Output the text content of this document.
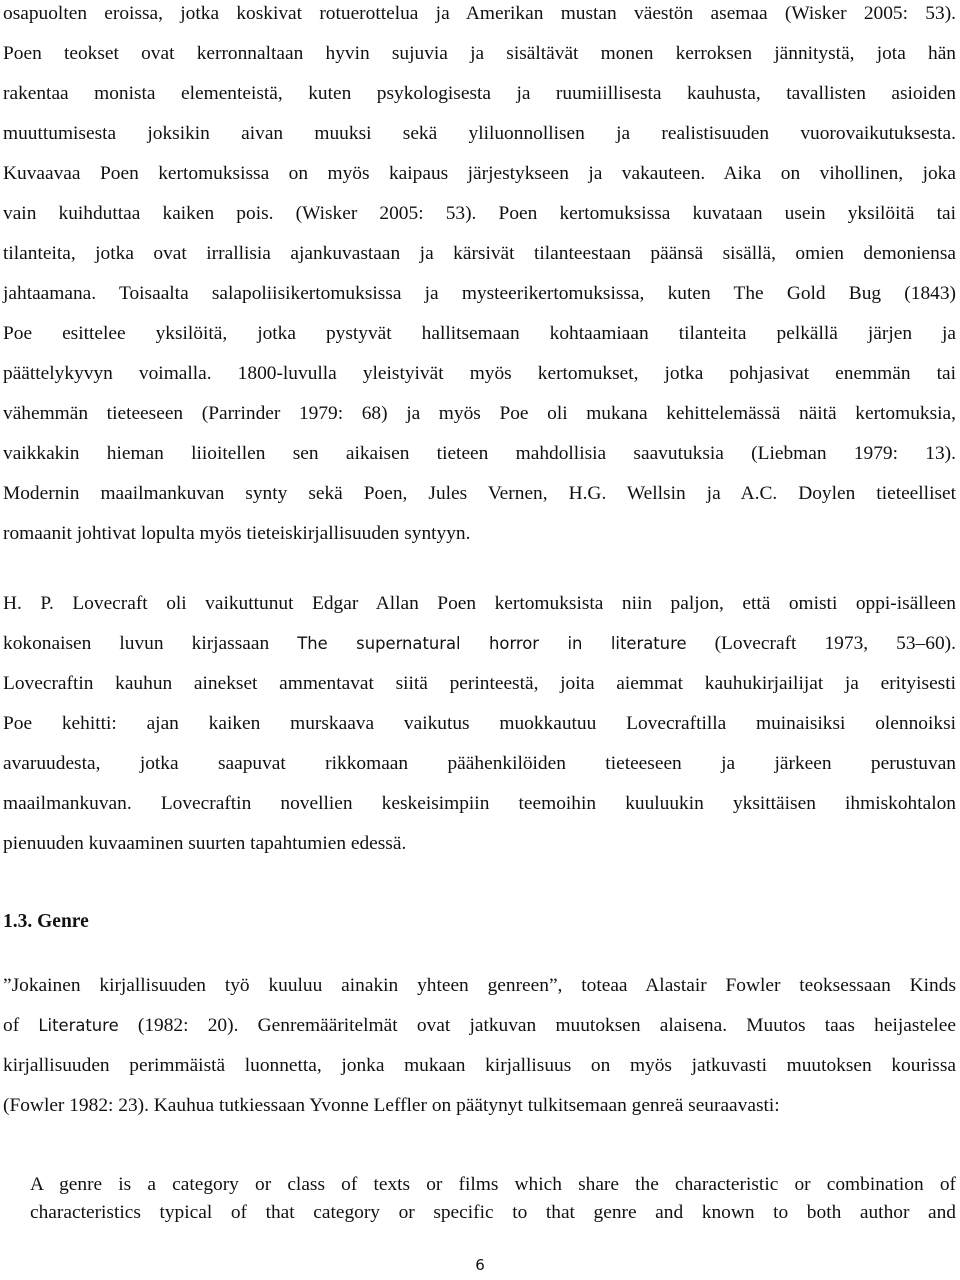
osapuolten eroissa, jotka koskivat rotuerottelua ja Amerikan mustan väestön asemaa (Wisker 2005: 53).
Poen teokset ovat kerronnaltaan hyvin sujuvia ja sisältävät monen kerroksen jännitystä, jota hän
rakentaa monista elementeistä, kuten psykologisesta ja ruumiillisesta kauhusta, tavallisten asioiden
muuttumisesta joksikin aivan muuksi sekä yliluonnollisen ja realistisuuden vuorovaikutuksesta.
Kuvaavaa Poen kertomuksissa on myös kaipaus järjestykseen ja vakauteen. Aika on vihollinen, joka
vain kuihduttaa kaiken pois. (Wisker 2005: 53). Poen kertomuksissa kuvataan usein yksilöitä tai
tilanteita, jotka ovat irrallisia ajankuvastaan ja kärsivät tilanteestaan päänsä sisällä, omien demoniensa
jahtaamana. Toisaalta salapoliisikertomuksissa ja mysteerikertomuksissa, kuten The Gold Bug (1843)
Poe esittelee yksilöitä, jotka pystyvät hallitsemaan kohtaamiaan tilanteita pelkällä järjen ja
päättelykyvyn voimalla. 1800-luvulla yleistyivät myös kertomukset, jotka pohjasivat enemmän tai
vähemmän tieteeseen (Parrinder 1979: 68) ja myös Poe oli mukana kehittelemässä näitä kertomuksia,
vaikkakin hieman liioitellen sen aikaisen tieteen mahdollisia saavutuksia (Liebman 1979: 13).
Modernin maailmankuvan synty sekä Poen, Jules Vernen, H.G. Wellsin ja A.C. Doylen tieteelliset
romaanit johtivat lopulta myös tieteiskirjallisuuden syntyyn.
H. P. Lovecraft oli vaikuttunut Edgar Allan Poen kertomuksista niin paljon, että omisti oppi-isälleen
kokonaisen luvun kirjassaan The supernatural horror in literature (Lovecraft 1973, 53–60).
Lovecraftin kauhun ainekset ammentavat siitä perinteestä, joita aiemmat kauhukirjailijat ja erityisesti
Poe kehitti: ajan kaiken murskaava vaikutus muokkautuu Lovecraftilla muinaisiksi olennoiksi
avaruudesta, jotka saapuvat rikkomaan päähenkilöiden tieteeseen ja järkeen perustuvan
maailmankuvan. Lovecraftin novellien keskeisimpiin teemoihin kuuluukin yksittäisen ihmiskohtalon
pienuuden kuvaaminen suurten tapahtumien edessä.
1.3. Genre
”Jokainen kirjallisuuden työ kuuluu ainakin yhteen genreen”, toteaa Alastair Fowler teoksessaan Kinds
of Literature (1982: 20). Genremääritelmät ovat jatkuvan muutoksen alaisena. Muutos taas heijastelee
kirjallisuuden perimmäistä luonnetta, jonka mukaan kirjallisuus on myös jatkuvasti muutoksen kourissa
(Fowler 1982: 23). Kauhua tutkiessaan Yvonne Leffler on päätynyt tulkitsemaan genreä seuraavasti:
A genre is a category or class of texts or films which share the characteristic or combination of
characteristics typical of that category or specific to that genre and known to both author and
6
